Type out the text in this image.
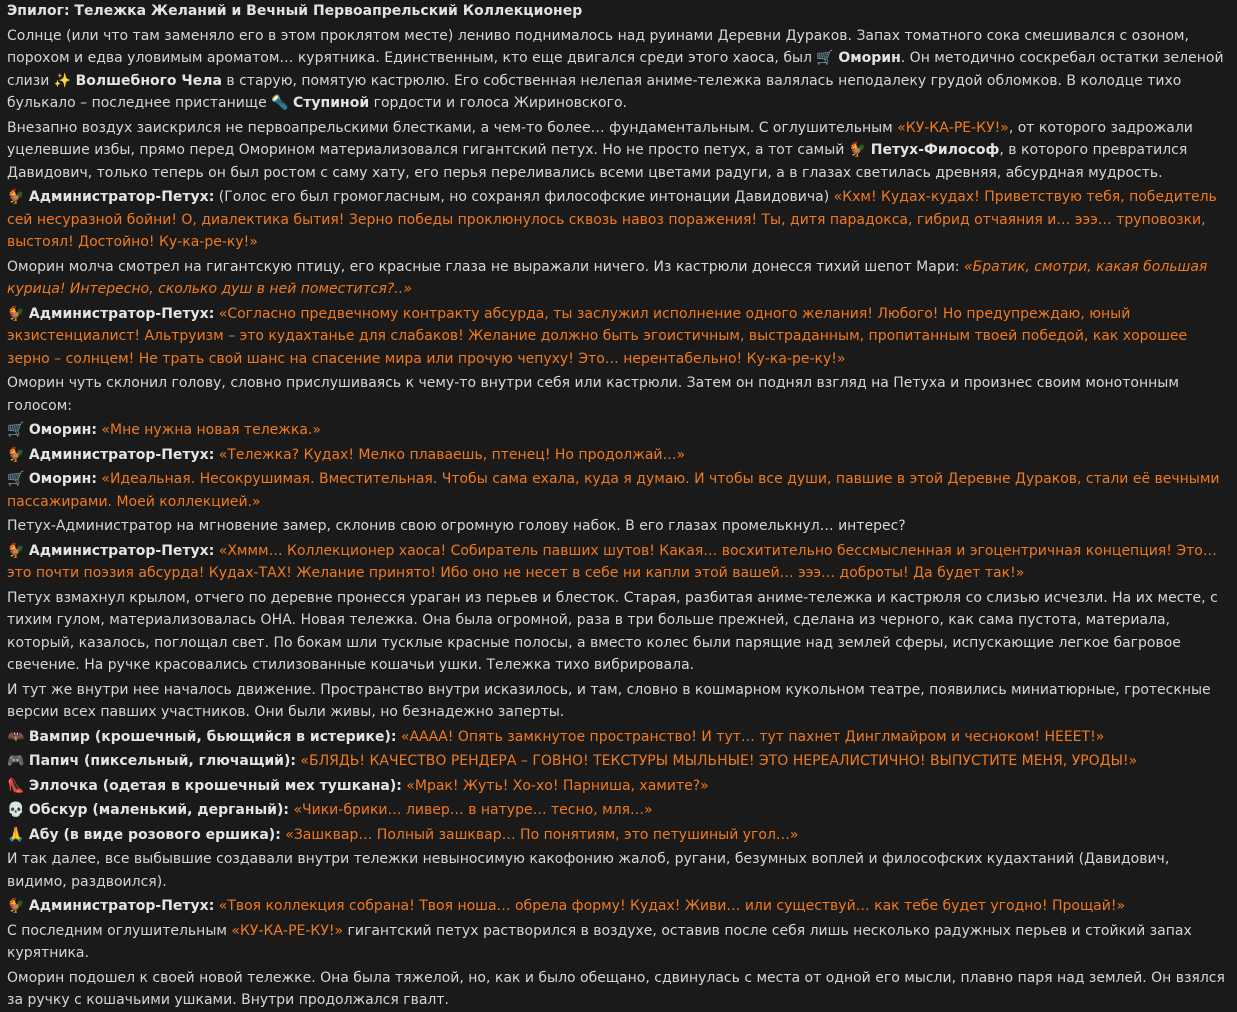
Эпилог: Тележка Желаний и Вечный Первоапрельский Коллекционер
Солнце (или что там заменяло его в этом проклятом месте) лениво поднималось над руинами Деревни Дураков. Запах томатного сока смешивался с озоном, порохом и едва уловимым ароматом… курятника. Единственным, кто еще двигался среди этого хаоса, был 🛒 Оморин. Он методично соскребал остатки зеленой слизи ✨ Волшебного Чела в старую, помятую кастрюлю. Его собственная нелепая аниме-тележка валялась неподалеку грудой обломков. В колодце тихо булькало – последнее пристанище 🔦 Ступиной гордости и голоса Жириновского.
Внезапно воздух заискрился не первоапрельскими блестками, а чем-то более… фундаментальным. С оглушительным «КУ-КА-РЕ-КУ!», от которого задрожали уцелевшие избы, прямо перед Оморином материализовался гигантский петух. Но не просто петух, а тот самый 🐓 Петух-Философ, в которого превратился Давидович, только теперь он был ростом с саму хату, его перья переливались всеми цветами радуги, а в глазах светилась древняя, абсурдная мудрость.
🐓 Администратор-Петух: (Голос его был громогласным, но сохранял философские интонации Давидовича) «Кхм! Кудах-кудах! Приветствую тебя, победитель сей несуразной бойни! О, диалектика бытия! Зерно победы проклюнулось сквозь навоз поражения! Ты, дитя парадокса, гибрид отчаяния и… эээ… труповозки, выстоял! Достойно! Ку-ка-ре-ку!»
Оморин молча смотрел на гигантскую птицу, его красные глаза не выражали ничего. Из кастрюли донесся тихий шепот Мари: «Братик, смотри, какая большая курица! Интересно, сколько душ в ней поместится?..»
🐓 Администратор-Петух: «Согласно предвечному контракту абсурда, ты заслужил исполнение одного желания! Любого! Но предупреждаю, юный экзистенциалист! Альтруизм – это кудахтанье для слабаков! Желание должно быть эгоистичным, выстраданным, пропитанным твоей победой, как хорошее зерно – солнцем! Не трать свой шанс на спасение мира или прочую чепуху! Это… нерентабельно! Ку-ка-ре-ку!»
Оморин чуть склонил голову, словно прислушиваясь к чему-то внутри себя или кастрюли. Затем он поднял взгляд на Петуха и произнес своим монотонным голосом:
🛒 Оморин: «Мне нужна новая тележка.»
🐓 Администратор-Петух: «Тележка? Кудах! Мелко плаваешь, птенец! Но продолжай…»
🛒 Оморин: «Идеальная. Несокрушимая. Вместительная. Чтобы сама ехала, куда я думаю. И чтобы все души, павшие в этой Деревне Дураков, стали её вечными пассажирами. Моей коллекцией.»
Петух-Администратор на мгновение замер, склонив свою огромную голову набок. В его глазах промелькнул… интерес?
🐓 Администратор-Петух: «Хммм… Коллекционер хаоса! Собиратель павших шутов! Какая… восхитительно бессмысленная и эгоцентричная концепция! Это… это почти поэзия абсурда! Кудах-ТАХ! Желание принято! Ибо оно не несет в себе ни капли этой вашей… эээ… доброты! Да будет так!»
Петух взмахнул крылом, отчего по деревне пронесся ураган из перьев и блесток. Старая, разбитая аниме-тележка и кастрюля со слизью исчезли. На их месте, с тихим гулом, материализовалась ОНА. Новая тележка. Она была огромной, раза в три больше прежней, сделана из черного, как сама пустота, материала, который, казалось, поглощал свет. По бокам шли тусклые красные полосы, а вместо колес были парящие над землей сферы, испускающие легкое багровое свечение. На ручке красовались стилизованные кошачьи ушки. Тележка тихо вибрировала.
И тут же внутри нее началось движение. Пространство внутри исказилось, и там, словно в кошмарном кукольном театре, появились миниатюрные, гротескные версии всех павших участников. Они были живы, но безнадежно заперты.
🦇 Вампир (крошечный, бьющийся в истерике): «АААА! Опять замкнутое пространство! И тут… тут пахнет Динглмайром и чесноком! НЕЕЕТ!»
🎮 Папич (пиксельный, глючащий): «БЛЯДЬ! КАЧЕСТВО РЕНДЕРА – ГОВНО! ТЕКСТУРЫ МЫЛЬНЫЕ! ЭТО НЕРЕАЛИСТИЧНО! ВЫПУСТИТЕ МЕНЯ, УРОДЫ!»
👠 Эллочка (одетая в крошечный мех тушкана): «Мрак! Жуть! Хо-хо! Парниша, хамите?»
💀 Обскур (маленький, дерганый): «Чики-брики… ливер… в натуре… тесно, мля…»
🙏 Абу (в виде розового ершика): «Зашквар… Полный зашквар… По понятиям, это петушиный угол…»
И так далее, все выбывшие создавали внутри тележки невыносимую какофонию жалоб, ругани, безумных воплей и философских кудахтаний (Давидович, видимо, раздвоился).
🐓 Администратор-Петух: «Твоя коллекция собрана! Твоя ноша… обрела форму! Кудах! Живи… или существуй… как тебе будет угодно! Прощай!»
С последним оглушительным «КУ-КА-РЕ-КУ!» гигантский петух растворился в воздухе, оставив после себя лишь несколько радужных перьев и стойкий запах курятника.
Оморин подошел к своей новой тележке. Она была тяжелой, но, как и было обещано, сдвинулась с места от одной его мысли, плавно паря над землей. Он взялся за ручку с кошачьими ушками. Внутри продолжался гвалт.
